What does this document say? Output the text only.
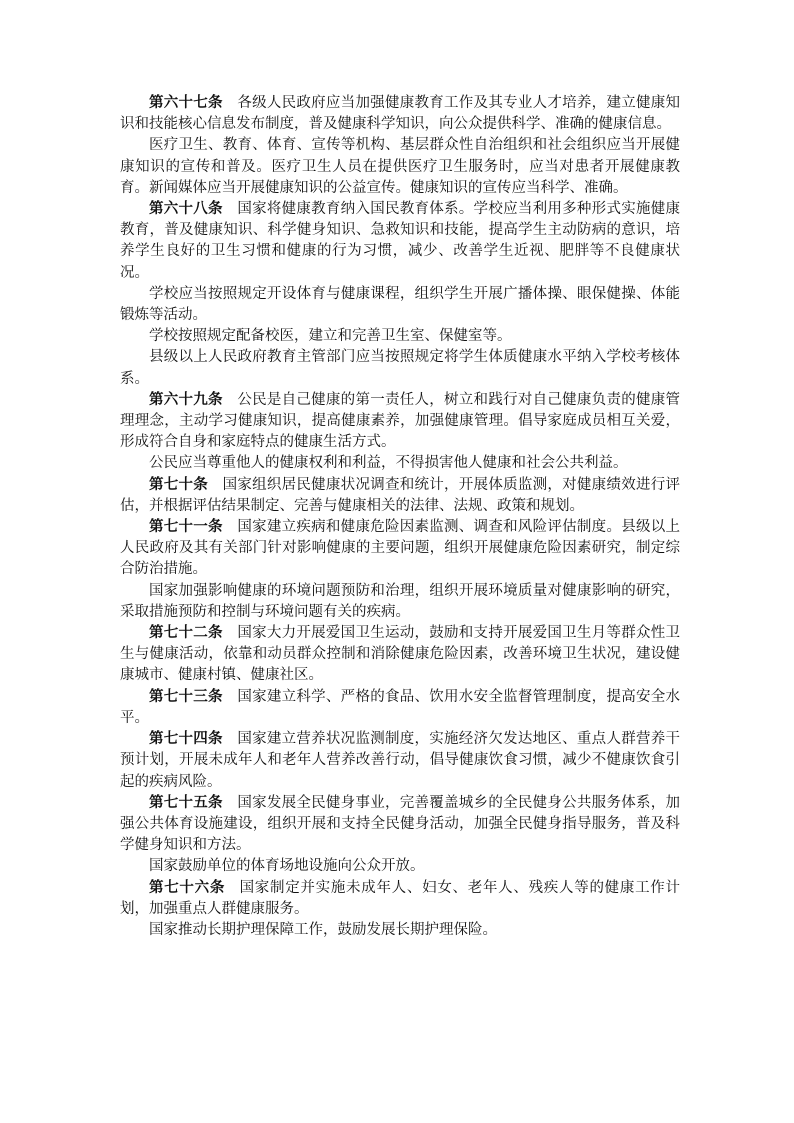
第六十七条 各级人民政府应当加强健康教育工作及其专业人才培养，建立健康知识和技能核心信息发布制度，普及健康科学知识，向公众提供科学、准确的健康信息。

医疗卫生、教育、体育、宣传等机构、基层群众性自治组织和社会组织应当开展健康知识的宣传和普及。医疗卫生人员在提供医疗卫生服务时，应当对患者开展健康教育。新闻媒体应当开展健康知识的公益宣传。健康知识的宣传应当科学、准确。

第六十八条 国家将健康教育纳入国民教育体系。学校应当利用多种形式实施健康教育，普及健康知识、科学健身知识、急救知识和技能，提高学生主动防病的意识，培养学生良好的卫生习惯和健康的行为习惯，减少、改善学生近视、肥胖等不良健康状况。

学校应当按照规定开设体育与健康课程，组织学生开展广播体操、眼保健操、体能锻炼等活动。

学校按照规定配备校医，建立和完善卫生室、保健室等。

县级以上人民政府教育主管部门应当按照规定将学生体质健康水平纳入学校考核体系。

第六十九条 公民是自己健康的第一责任人，树立和践行对自己健康负责的健康管理理念，主动学习健康知识，提高健康素养，加强健康管理。倡导家庭成员相互关爱，形成符合自身和家庭特点的健康生活方式。

公民应当尊重他人的健康权利和利益，不得损害他人健康和社会公共利益。

第七十条 国家组织居民健康状况调查和统计，开展体质监测，对健康绩效进行评估，并根据评估结果制定、完善与健康相关的法律、法规、政策和规划。

第七十一条 国家建立疾病和健康危险因素监测、调查和风险评估制度。县级以上人民政府及其有关部门针对影响健康的主要问题，组织开展健康危险因素研究，制定综合防治措施。

国家加强影响健康的环境问题预防和治理，组织开展环境质量对健康影响的研究，采取措施预防和控制与环境问题有关的疾病。

第七十二条 国家大力开展爱国卫生运动，鼓励和支持开展爱国卫生月等群众性卫生与健康活动，依靠和动员群众控制和消除健康危险因素，改善环境卫生状况，建设健康城市、健康村镇、健康社区。

第七十三条 国家建立科学、严格的食品、饮用水安全监督管理制度，提高安全水平。

第七十四条 国家建立营养状况监测制度，实施经济欠发达地区、重点人群营养干预计划，开展未成年人和老年人营养改善行动，倡导健康饮食习惯，减少不健康饮食引起的疾病风险。

第七十五条 国家发展全民健身事业，完善覆盖城乡的全民健身公共服务体系，加强公共体育设施建设，组织开展和支持全民健身活动，加强全民健身指导服务，普及科学健身知识和方法。

国家鼓励单位的体育场地设施向公众开放。

第七十六条 国家制定并实施未成年人、妇女、老年人、残疾人等的健康工作计划，加强重点人群健康服务。

国家推动长期护理保障工作，鼓励发展长期护理保险。
